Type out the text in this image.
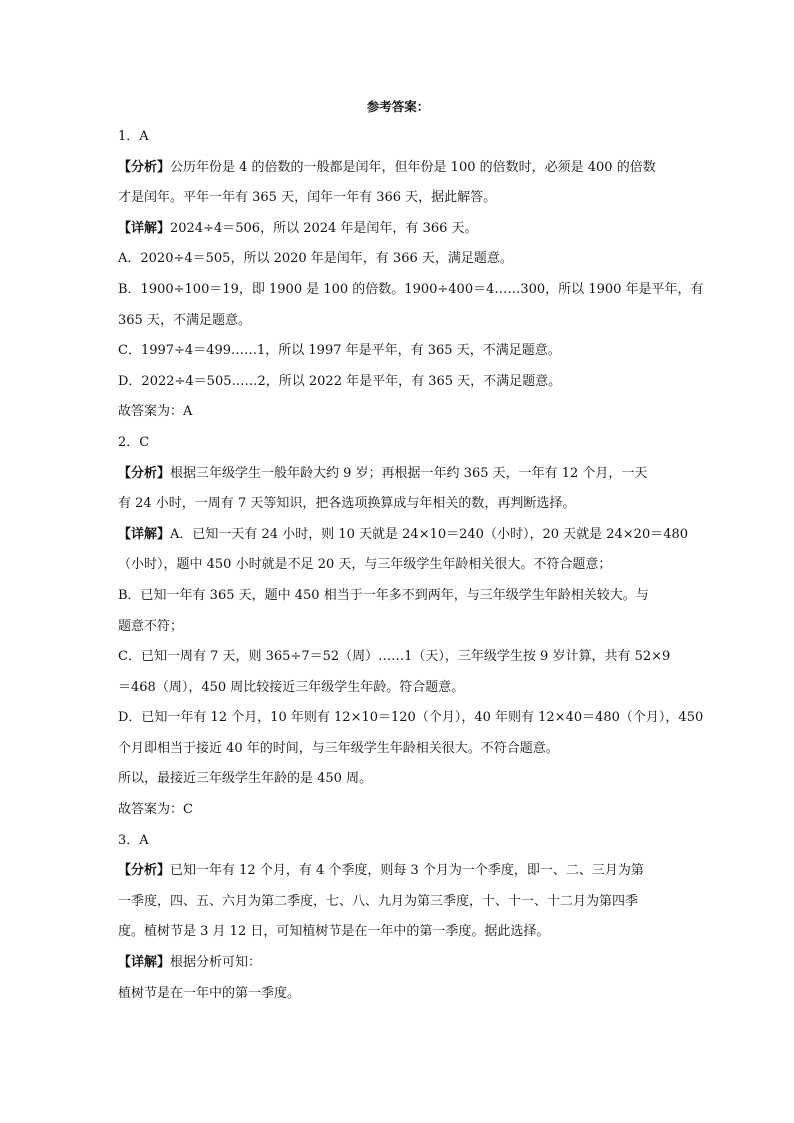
参考答案：

1．A

【分析】公历年份是 4 的倍数的一般都是闰年，但年份是 100 的倍数时，必须是 400 的倍数

才是闰年。平年一年有 365 天，闰年一年有 366 天，据此解答。

【详解】2024÷4＝506，所以 2024 年是闰年，有 366 天。

A．2020÷4＝505，所以 2020 年是闰年，有 366 天，满足题意。

B．1900÷100＝19，即 1900 是 100 的倍数。1900÷400＝4……300，所以 1900 年是平年，有

365 天，不满足题意。

C．1997÷4＝499……1，所以 1997 年是平年，有 365 天，不满足题意。

D．2022÷4＝505……2，所以 2022 年是平年，有 365 天，不满足题意。

故答案为：A

2．C

【分析】根据三年级学生一般年龄大约 9 岁；再根据一年约 365 天，一年有 12 个月，一天

有 24 小时，一周有 7 天等知识，把各选项换算成与年相关的数，再判断选择。

【详解】A．已知一天有 24 小时，则 10 天就是 24×10＝240（小时），20 天就是 24×20＝480

（小时），题中 450 小时就是不足 20 天，与三年级学生年龄相关很大。不符合题意；

B．已知一年有 365 天，题中 450 相当于一年多不到两年，与三年级学生年龄相关较大。与

题意不符；

C．已知一周有 7 天，则 365÷7＝52（周）……1（天），三年级学生按 9 岁计算，共有 52×9

＝468（周），450 周比较接近三年级学生年龄。符合题意。

D．已知一年有 12 个月，10 年则有 12×10＝120（个月），40 年则有 12×40＝480（个月），450

个月即相当于接近 40 年的时间，与三年级学生年龄相关很大。不符合题意。

所以，最接近三年级学生年龄的是 450 周。

故答案为：C

3．A

【分析】已知一年有 12 个月，有 4 个季度，则每 3 个月为一个季度，即一、二、三月为第

一季度，四、五、六月为第二季度，七、八、九月为第三季度，十、十一、十二月为第四季

度。植树节是 3 月 12 日，可知植树节是在一年中的第一季度。据此选择。

【详解】根据分析可知：

植树节是在一年中的第一季度。
